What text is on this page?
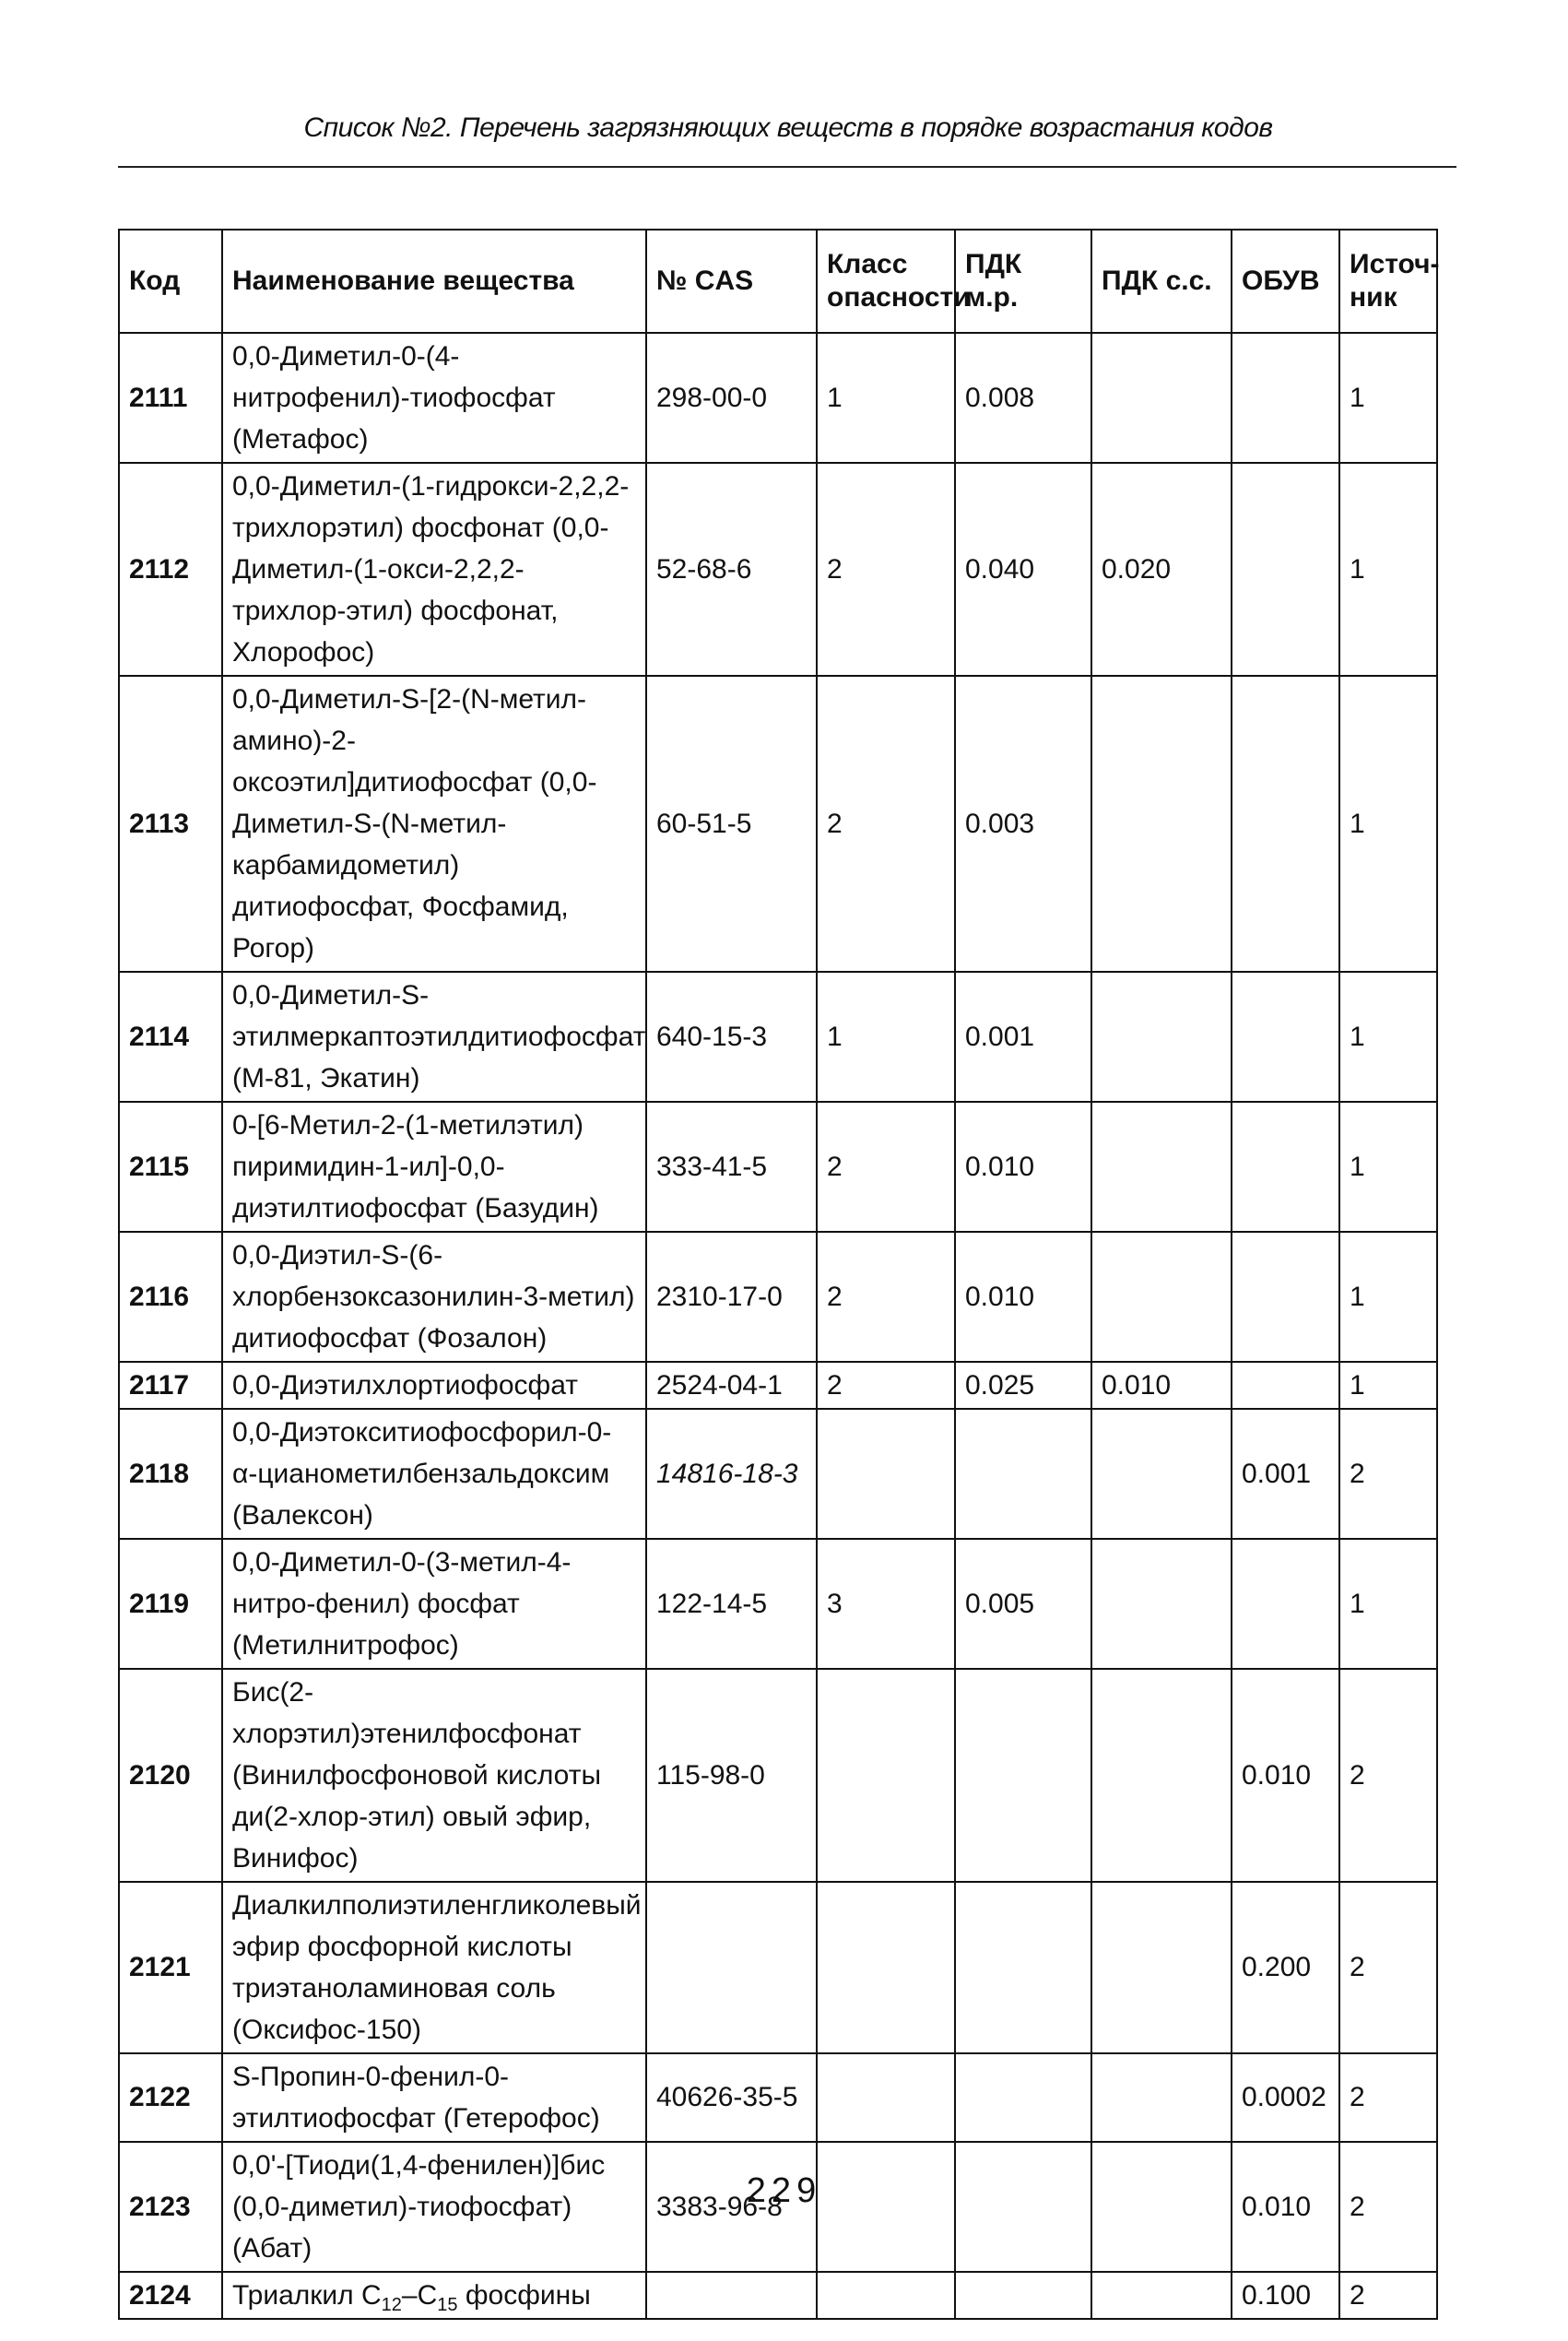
Список №2. Перечень загрязняющих веществ в порядке возрастания кодов
Код	Наименование вещества	№ CAS	Класс опасности	ПДК м.р.	ПДК с.с.	ОБУВ	Источ-ник
2111	0,0-Диметил-0-(4-нитрофенил)-тиофосфат (Метафос)	298-00-0	1	0.008			1
2112	0,0-Диметил-(1-гидрокси-2,2,2-трихлорэтил) фосфонат (0,0-Диметил-(1-окси-2,2,2-трихлор-этил) фосфонат, Хлорофос)	52-68-6	2	0.040	0.020		1
2113	0,0-Диметил-S-[2-(N-метил-амино)-2-оксоэтил]дитиофосфат (0,0-Диметил-S-(N-метил-карбамидометил) дитиофосфат, Фосфамид, Рогор)	60-51-5	2	0.003			1
2114	0,0-Диметил-S-этилмеркаптоэтилдитиофосфат (М-81, Экатин)	640-15-3	1	0.001			1
2115	0-[6-Метил-2-(1-метилэтил) пиримидин-1-ил]-0,0-диэтилтиофосфат (Базудин)	333-41-5	2	0.010			1
2116	0,0-Диэтил-S-(6-хлорбензоксазонилин-3-метил) дитиофосфат (Фозалон)	2310-17-0	2	0.010			1
2117	0,0-Диэтилхлортиофосфат	2524-04-1	2	0.025	0.010		1
2118	0,0-Диэтокситиофосфорил-0-α-цианометилбензальдоксим (Валексон)	14816-18-3				0.001	2
2119	0,0-Диметил-0-(3-метил-4-нитро-фенил) фосфат (Метилнитрофос)	122-14-5	3	0.005			1
2120	Бис(2-хлорэтил)этенилфосфонат (Винилфосфоновой кислоты ди(2-хлор-этил) овый эфир, Винифос)	115-98-0				0.010	2
2121	Диалкилполиэтиленгликолевый эфир фосфорной кислоты триэтаноламиновая соль (Оксифос-150)					0.200	2
2122	S-Пропин-0-фенил-0-этилтиофосфат (Гетерофос)	40626-35-5				0.0002	2
2123	0,0'-[Тиоди(1,4-фенилен)]бис (0,0-диметил)-тиофосфат) (Абат)	3383-96-8				0.010	2
2124	Триалкил $C_{12}-C_{15}$ фосфины					0.100	2
229
